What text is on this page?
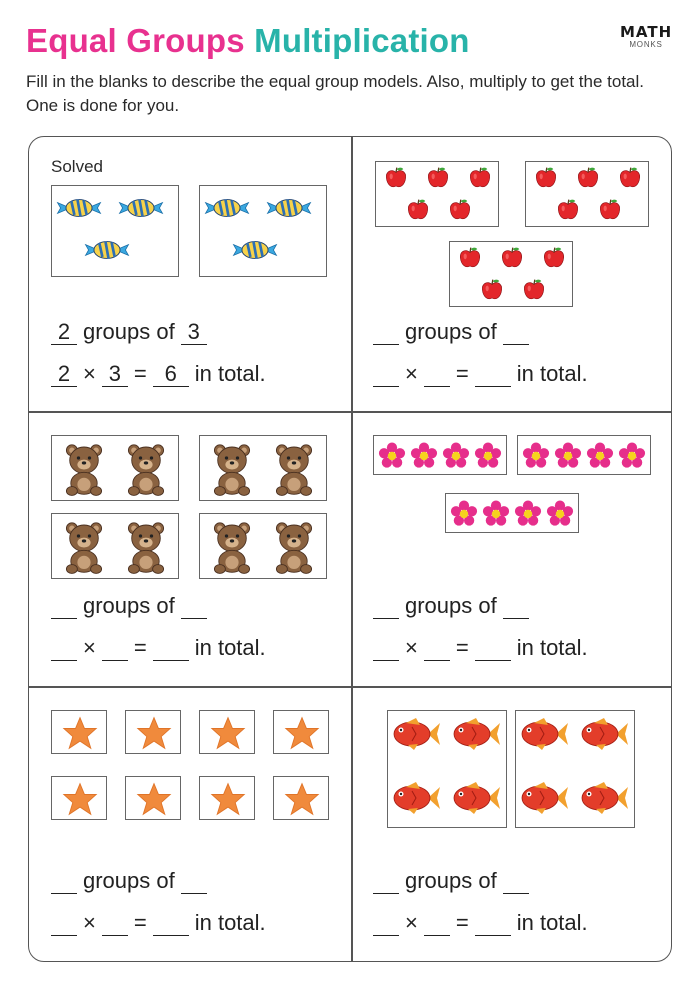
Equal Groups Multiplication	MATH
MONKS
Fill in the blanks to describe the equal group models. Also, multiply to get the total. One is done for you.
Solved
2 groups of 3
2 × 3 = 6 in total.
groups of
× = in total.
groups of
× = in total.
groups of
× = in total.
groups of
× = in total.
groups of
× = in total.
